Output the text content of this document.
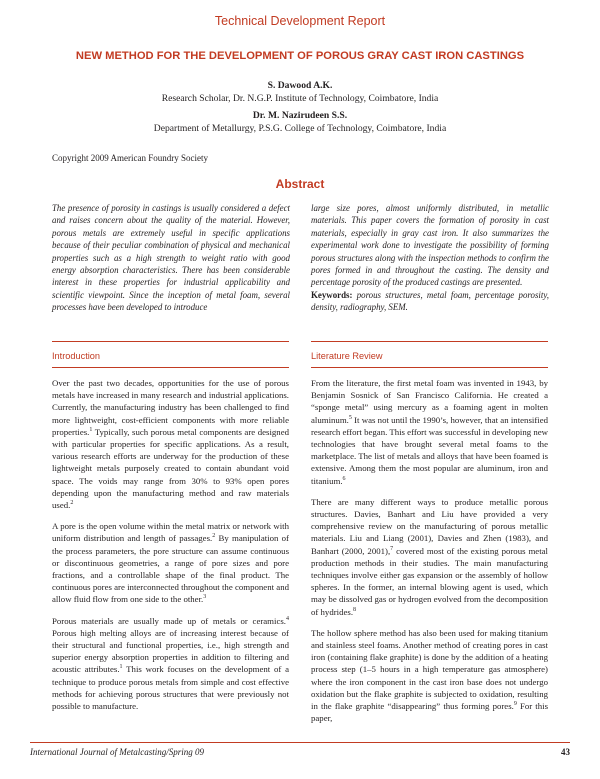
Technical Development Report
NEW METHOD FOR THE DEVELOPMENT OF POROUS GRAY CAST IRON CASTINGS
S. Dawood A.K.
Research Scholar, Dr. N.G.P. Institute of Technology, Coimbatore, India
Dr. M. Nazirudeen S.S.
Department of Metallurgy, P.S.G. College of Technology, Coimbatore, India
Copyright 2009 American Foundry Society
Abstract

The presence of porosity in castings is usually considered a defect and raises concern about the quality of the material. However, porous metals are extremely useful in specific applications because of their peculiar combination of physical and mechanical properties such as a high strength to weight ratio with good energy absorption characteristics. There has been considerable interest in these properties for industrial applicability and scientific viewpoint. Since the inception of metal foam, several processes have been developed to introduce

large size pores, almost uniformly distributed, in metallic materials. This paper covers the formation of porosity in cast materials, especially in gray cast iron. It also summarizes the experimental work done to investigate the possibility of forming porous structures along with the inspection methods to confirm the pores formed in and throughout the casting. The density and percentage porosity of the produced castings are presented.

Keywords: porous structures, metal foam, percentage porosity, density, radiography, SEM.

Introduction	Literature Review

Over the past two decades, opportunities for the use of porous metals have increased in many research and industrial applications. Currently, the manufacturing industry has been challenged to find more lightweight, cost-efficient components with more reliable properties.$^1$ Typically, such porous metal components are designed with particular properties for specific applications. As a result, various research efforts are underway for the production of these lightweight metals purposely created to contain abundant void space. The voids may range from 30% to 93% open pores depending upon the manufacturing method and raw materials used.$^2$

A pore is the open volume within the metal matrix or network with uniform distribution and length of passages.$^2$ By manipulation of the process parameters, the pore structure can assume continuous or discontinuous geometries, a range of pore sizes and pore fractions, and a controllable shape of the final product. The continuous pores are interconnected throughout the component and allow fluid flow from one side to the other.$^3$

Porous materials are usually made up of metals or ceramics.$^4$ Porous high melting alloys are of increasing interest because of their structural and functional properties, i.e., high strength and superior energy absorption properties in addition to filtering and acoustic attributes.$^1$ This work focuses on the development of a technique to produce porous metals from simple and cost effective methods for achieving porous structures that were previously not possible to manufacture.

From the literature, the first metal foam was invented in 1943, by Benjamin Sosnick of San Francisco California. He created a “sponge metal” using mercury as a foaming agent in molten aluminum.$^5$ It was not until the 1990’s, however, that an intensified research effort began. This effort was successful in developing new technologies that have brought several metal foams to the marketplace. The list of metals and alloys that have been foamed is extensive. Among them the most popular are aluminum, iron and titanium.$^6$

There are many different ways to produce metallic porous structures. Davies, Banhart and Liu have provided a very comprehensive review on the manufacturing of porous metallic materials. Liu and Liang (2001), Davies and Zhen (1983), and Banhart (2000, 2001),$^7$ covered most of the existing porous metal production methods in their studies. The main manufacturing techniques involve either gas expansion or the assembly of hollow spheres. In the former, an internal blowing agent is used, which may be dissolved gas or hydrogen evolved from the decomposition of hydrides.$^8$

The hollow sphere method has also been used for making titanium and stainless steel foams. Another method of creating pores in cast iron (containing flake graphite) is done by the addition of a heating process step (1–5 hours in a high temperature gas atmosphere) where the iron component in the cast iron base does not undergo oxidation but the flake graphite is subjected to oxidation, resulting in the flake graphite “disappearing” thus forming pores.$^9$ For this paper,

International Journal of Metalcasting/Spring 09	43
